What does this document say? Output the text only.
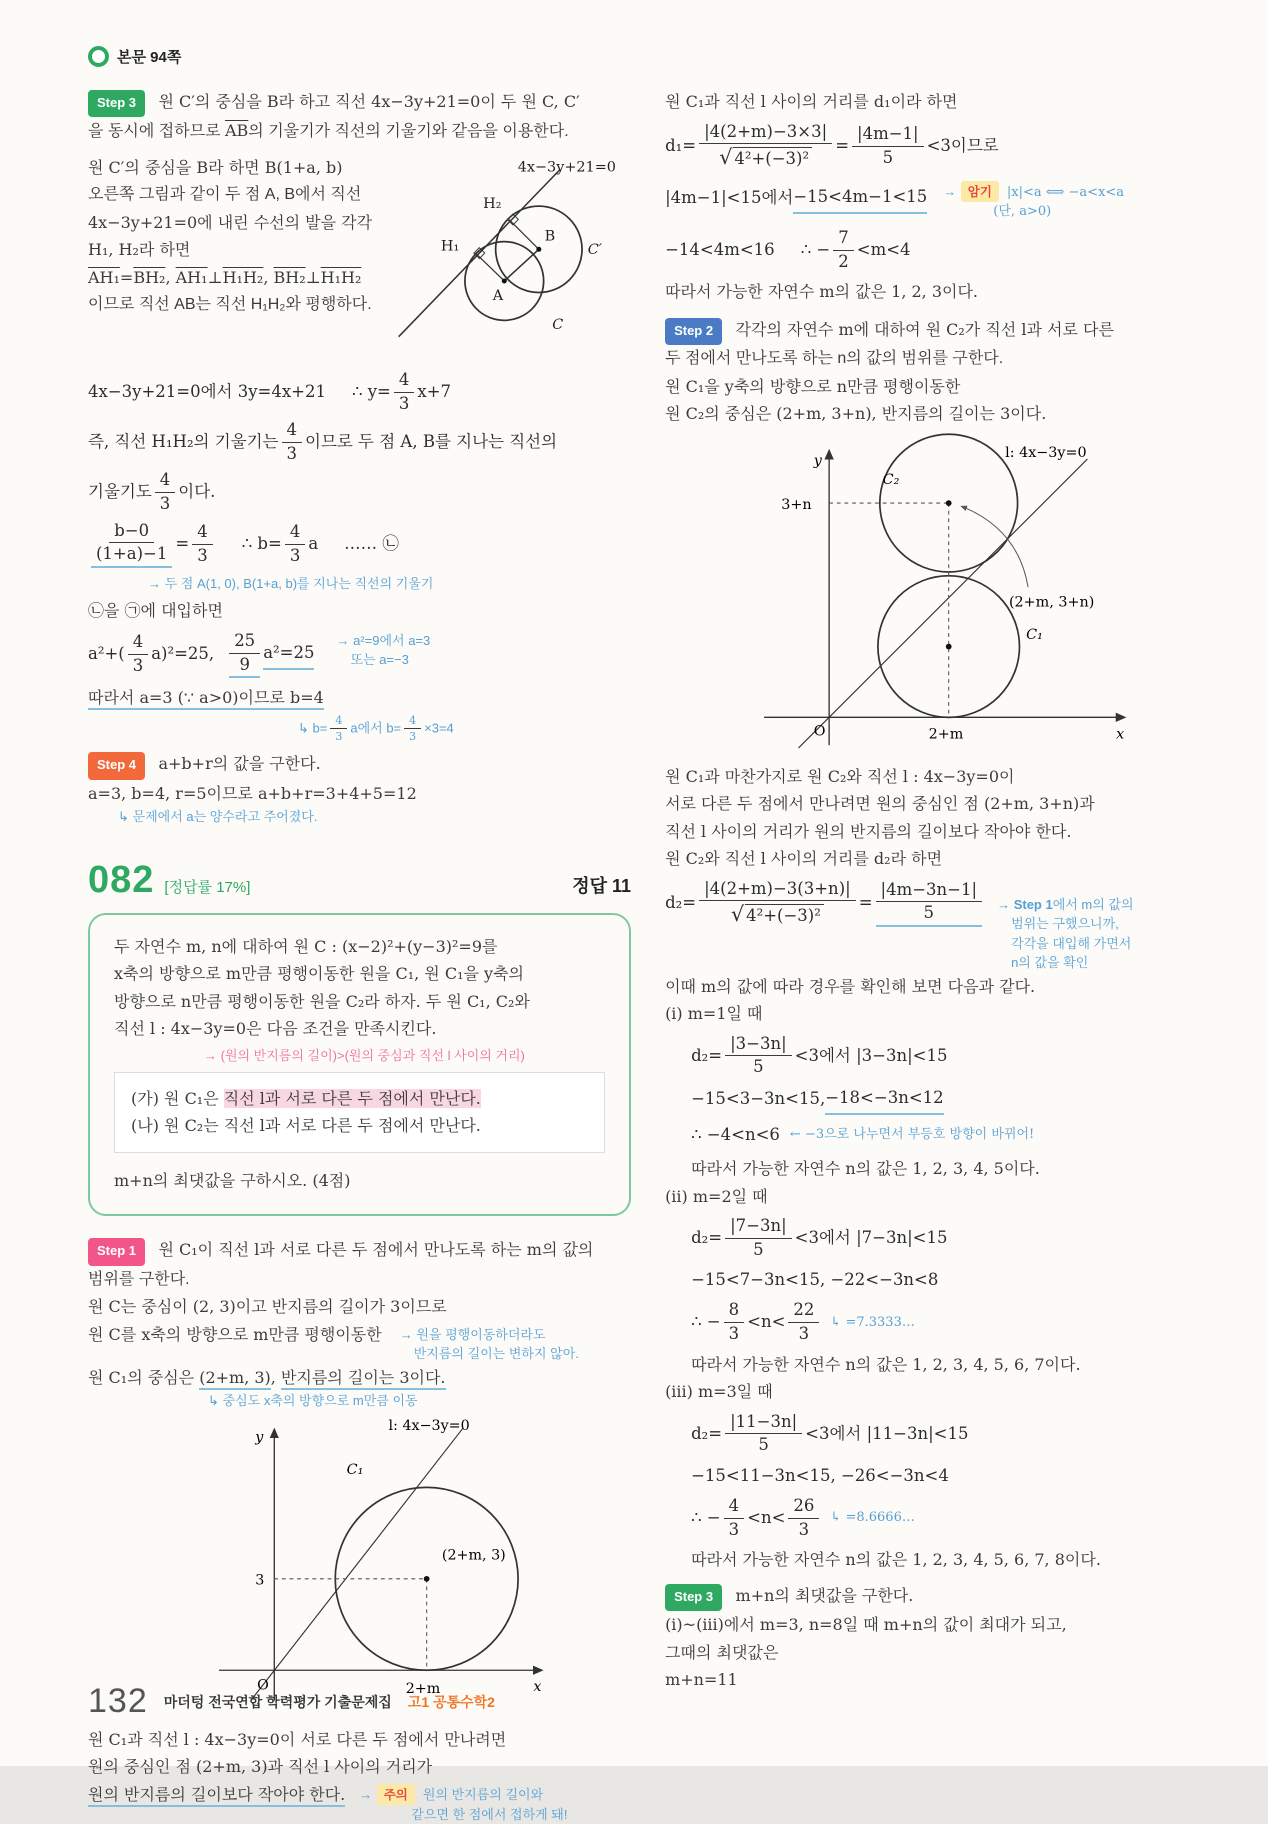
본문 94쪽
Step 3 원 C′의 중심을 B라 하고 직선 4x−3y+21=0이 두 원 C, C′
을 동시에 접하므로 $\overline{AB}$의 기울기가 직선의 기울기와 같음을 이용한다.
원 C′의 중심을 B라 하면 B(1+a, b)
오른쪽 그림과 같이 두 점 A, B에서 직선
4x−3y+21=0에 내린 수선의 발을 각각
H₁, H₂라 하면
AH₁=BH₂, AH₁⊥H₁H₂, BH₂⊥H₁H₂
이므로 직선 AB는 직선 H₁H₂와 평행하다.
4x−3y+21=0
H₂
H₁
B
A
C′
C
4x−3y+21=0에서 3y=4x+21 ∴ $y= \frac{4}{3} x+7$
즉, 직선 H₁H₂의 기울기는 $\frac{4}{3}$ 이므로 두 점 A, B를 지나는 직선의
기울기도 $\frac{4}{3}$ 이다.
$\frac{b-0}{(1+a)-1} = \frac{4}{3}$ ∴ $b= \frac{4}{3}$ a …… ㉡
→ 두 점 A(1, 0), B(1+a, b)를 지나는 직선의 기울기
㉡을 ㉠에 대입하면
$a^2+( \frac{4}{3} a)^2=25$, $\frac{25}{9} a^2=25$
→ a²=9에서 a=3
또는 a=−3
따라서 a=3 (∵ a>0)이므로 b=4
↳ $b= \frac{4}{3}$ a에서 $b= \frac{4}{3} \times 3=4$
Step 4 a+b+r의 값을 구한다.
a=3, b=4, r=5이므로 a+b+r=3+4+5=12
↳ 문제에서 a는 양수라고 주어졌다.
082 [정답률 17%]	정답 11
두 자연수 m, n에 대하여 원 C : (x−2)²+(y−3)²=9를
x축의 방향으로 m만큼 평행이동한 원을 C₁, 원 C₁을 y축의
방향으로 n만큼 평행이동한 원을 C₂라 하자. 두 원 C₁, C₂와
직선 l : 4x−3y=0은 다음 조건을 만족시킨다.
→ (원의 반지름의 길이)>(원의 중심과 직선 l 사이의 거리)
(가) 원 C₁은 직선 l과 서로 다른 두 점에서 만난다.
(나) 원 C₂는 직선 l과 서로 다른 두 점에서 만난다.
m+n의 최댓값을 구하시오. (4점)
Step 1 원 C₁이 직선 l과 서로 다른 두 점에서 만나도록 하는 m의 값의
범위를 구한다.
원 C는 중심이 (2, 3)이고 반지름의 길이가 3이므로
원 C를 x축의 방향으로 m만큼 평행이동한 → 원을 평행이동하더라도
반지름의 길이는 변하지 않아.
원 C₁의 중심은 (2+m, 3), 반지름의 길이는 3이다.
↳ 중심도 x축의 방향으로 m만큼 이동
y
l: 4x−3y=0
C₁
(2+m, 3)
3
O	2+m	x
원 C₁과 직선 l : 4x−3y=0이 서로 다른 두 점에서 만나려면
원의 중심인 점 (2+m, 3)과 직선 l 사이의 거리가
원의 반지름의 길이보다 작아야 한다. → 주의 원의 반지름의 길이와
같으면 한 점에서 접하게 돼!
원 C₁과 직선 l 사이의 거리를 d₁이라 하면
$d_1= \frac{|4(2+m)-3\times 3|}{\text{√ 4²+(−3)²}} = \frac{|4m-1|}{5} <3$이므로
|4m−1|<15에서 −15<4m−1<15 → 암기 |x|<a ⟺ −a<x<a
(단, a>0)
−14<4m<16 ∴ − $\frac{7}{2} <m<4$
따라서 가능한 자연수 m의 값은 1, 2, 3이다.
Step 2 각각의 자연수 m에 대하여 원 C₂가 직선 l과 서로 다른
두 점에서 만나도록 하는 n의 값의 범위를 구한다.
원 C₁을 y축의 방향으로 n만큼 평행이동한
원 C₂의 중심은 (2+m, 3+n), 반지름의 길이는 3이다.
y	l: 4x−3y=0
C₂
3+n
(2+m, 3+n)
C₁
O	2+m	x
원 C₁과 마찬가지로 원 C₂와 직선 l : 4x−3y=0이
서로 다른 두 점에서 만나려면 원의 중심인 점 (2+m, 3+n)과
직선 l 사이의 거리가 원의 반지름의 길이보다 작아야 한다.
원 C₂와 직선 l 사이의 거리를 d₂라 하면
$d_2= \frac{|4(2+m)-3(3+n)|}{\text{√ 4²+(−3)²}} = \frac{|4m-3n-1|}{5}$ → Step 1에서 m의 값의
범위는 구했으니까,
각각을 대입해 가면서
n의 값을 확인
이때 m의 값에 따라 경우를 확인해 보면 다음과 같다.
(i) m=1일 때
$d_2= \frac{|3-3n|}{5} <3$에서 |3−3n|<15
−15<3−3n<15, −18<−3n<12
∴ −4<n<6 ← −3으로 나누면서 부등호 방향이 바뀌어!
따라서 가능한 자연수 n의 값은 1, 2, 3, 4, 5이다.
(ii) m=2일 때
$d_2= \frac{|7-3n|}{5} <3$에서 |7−3n|<15
−15<7−3n<15, −22<−3n<8
∴ − $\frac{8}{3} <n< \frac{22}{3}$ ↳ =7.3333…
따라서 가능한 자연수 n의 값은 1, 2, 3, 4, 5, 6, 7이다.
(iii) m=3일 때
$d_2= \frac{|11-3n|}{5} <3$에서 |11−3n|<15
−15<11−3n<15, −26<−3n<4
∴ − $\frac{4}{3} <n< \frac{26}{3}$ ↳ =8.6666…
따라서 가능한 자연수 n의 값은 1, 2, 3, 4, 5, 6, 7, 8이다.
Step 3 m+n의 최댓값을 구한다.
(i)~(iii)에서 m=3, n=8일 때 m+n의 값이 최대가 되고,
그때의 최댓값은
m+n=11
132 마더텅 전국연합 학력평가 기출문제집 고1 공통수학2
